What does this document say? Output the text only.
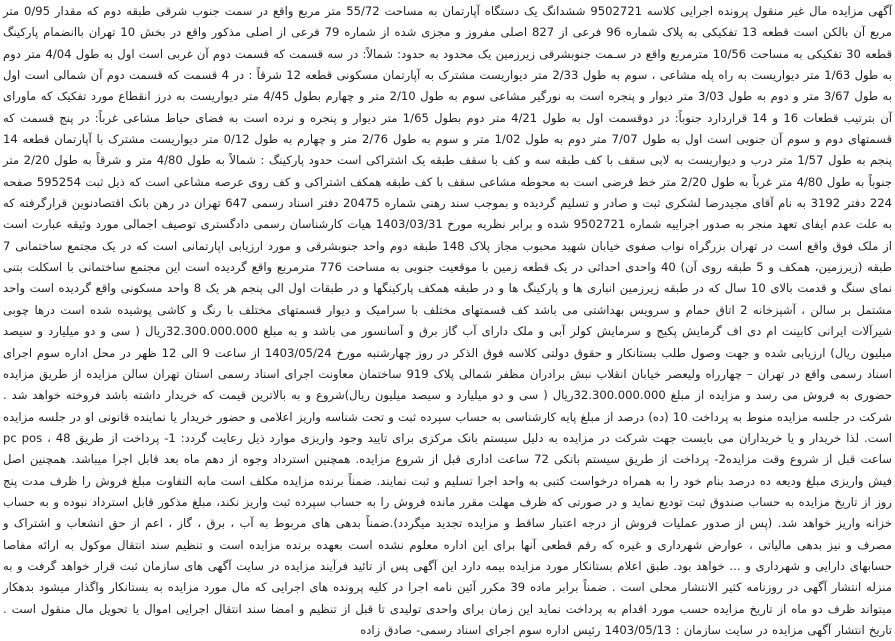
آگهی مزایده مال غیر منقول پرونده اجرایی کلاسه 9502721 ششدانگ یک دستگاه آپارتمان به مساحت 55/72 متر مربع واقع در سمت جنوب شرقی طبقه دوم که مقدار 0/95 متر مربع آن بالکن است قطعه 13 تفکیکی به پلاک شماره 96 فرعی از 827 اصلی مفروز و مجزی شده از شماره 79 فرعی از اصلی مذکور واقع در بخش 10 تهران باانضمام پارکینگ قطعه 30 تفکیکی به مساحت 10/56 مترمربع واقع در سـمت جنوبشرقی زیرزمین یک محدود به حدود: شمالاً: در سه قسمت که قسمت دوم آن غربی است اول به طول 4/04 متر دوم به طول 1/63 متر دیواریست به راه پله مشاعی ، سوم به طول 2/33 متر دیواریست مشترک به آپارتمان مسکونی قطعه 12 شرقاً : در 4 قسمت که قسمت دوم آن شمالی است اول به طول 3/67 متر و دوم به طول 3/03 متر دیوار و پنجره است به نورگیر مشاعی سوم به طول 2/10 متر و چهارم بطول 4/45 متر دیواریست به درز انقطاع مورد تفکیک که ماورای آن بترتیب قطعات 16 و 14 قراردارد جنوباً: در دوقسمت اول به طول 4/21 متر دوم بطول 1/65 متر دیوار و پنجره و نرده است به فضای حیاط مشاعی غرباً: در پنج قسمت که قسمتهای دوم و سوم آن جنوبی است اول به طول 7/07 متر دوم به طول 1/02 متر و سوم به طول 2/76 متر و چهارم به طول 0/12 متر دیواریست مشترک با آپارتمان قطعه 14 پنجم به طول 1/57 متر درب و دیواریست به لابی سقف با کف طبقه سه و کف با سقف طبقه یک اشتراکی است حدود پارکینگ : شمالاً به طول 4/80 متر و شرقاً به طول 2/20 متر جنوباً به طول 4/80 متر غرباً به طول 2/20 متر خط فرضی است به محوطه مشاعی سقف با کف طبقه همکف اشتراکی و کف روی عرصه مشاعی است که ذیل ثبت 595254 صفحه 224 دفتر 3192 به نام آقای مجیدرضا لشکری ثبت و صادر و تسلیم گردیده و بموجب سند رهنی شماره 20475 دفتر اسناد رسمی 647 تهران در رهن بانک اقتصادنوین قرارگرفته که به علت عدم ایفای تعهد منجر به صدور اجراییه شماره 9502721 شده و برابر نظریه مورخ 1403/03/31 هیات کارشناسان رسمی دادگستری توصیف اجمالی مورد وثیقه عبارت است از ملک فوق واقع است در تهران بزرگراه نواب صفوی خیابان شهید محبوب مجاز پلاک 148 طبقه دوم واحد جنوبشرقی و مورد ارزیابی اپارتمانی است که در یک مجتمع ساختمانی 7 طبقه (زیرزمین، همکف و 5 طبقه روی آن) 40 واحدی احداثی در یک قطعه زمین با موقعیت جنوبی به مساحت 776 مترمربع واقع گردیده است این مجتمع ساختمانی با اسکلت بتنی نمای سنگ و قدمت بالای 10 سال که در طبقه زیرزمین انباری ها و پارکینگ ها و در طبقه همکف پارکینگها و در طبقات اول الی پنجم هر یک 8 واحد مسکونی واقع گردیده است واحد مشتمل بر سالن ، آشپزخانه 2 اتاق حمام و سرویس بهداشتی می باشد کف قسمتهای مختلف با سرامیک و دیوار قسمتهای مختلف با رنگ و کاشی پوشیده شده است درها چوبی شیرآلات ایرانی کابینت ام دی اف گرمایش پکیج و سرمایش کولر آبی و ملک دارای آب گاز برق و آسانسور می باشد و به مبلغ 32.300.000.000ریال ( سی و دو میلیارد و سیصد میلیون ریال) ارزیابی شده و جهت وصول طلب بستانکار و حقوق دولتی کلاسه فوق الذکر در روز چهارشنبه مورخ 1403/05/24 از ساعت 9 الی 12 ظهر در محل اداره سوم اجرای اسناد رسمی واقع در تهران – چهارراه ولیعصر خیابان انقلاب نبش برادران مظفر شمالی پلاک 919 ساختمان معاونت اجرای اسناد رسمی استان تهران سالن مزایده از طریق مزایده حضوری به فروش می رسد و مزایده از مبلغ 32.300.000.000ریال ( سی و دو میلیارد و سیصد میلیون ریال)شروع و به بالاترین قیمت که خریدار داشته باشد فروخته خواهد شد . شرکت در جلسه مزایده منوط به پرداخت 10 (ده) درصد از مبلغ پایه کارشناسی به حساب سپرده ثبت و تحت شناسه واریز اعلامی و حضور خریدار یا نماینده قانونی او در جلسه مزایده است. لذا خریدار و یا خریداران می بایست جهت شرکت در مزایده به دلیل سیستم بانک مرکزی برای تایید وجود واریزی موارد ذیل رعایت گردد: 1- پرداخت از طریق pc pos ، 48 ساعت قبل از شروع وقت مزایده2- پرداخت از طریق سیستم بانکی 72 ساعت اداری قبل از شروع مزایده. همچنین استرداد وجوه از دهم ماه بعد قابل اجرا میباشد. همچنین اصل فیش واریزی مبلغ ودیعه ده درصد بنام خود را به همراه درخواست کتبی به واحد اجرا تسلیم و ثبت نمایند. ضمناً برنده مزایده مکلف است مابه التفاوت مبلغ فروش را ظرف مدت پنج روز از تاریخ مزایده به حساب صندوق ثبت تودیع نماید و در صورتی که ظرف مهلت مقرر مانده فروش را به حساب سپرده ثبت واریز نکند، مبلغ مذکور قابل استرداد نبوده و به حساب خزانه واریز خواهد شد. (پس از صدور عملیات فروش از درجه اعتبار ساقط و مزایده تجدید میگردد).ضمناً بدهی های مربوط به آب ، برق ، گاز ، اعم از حق انشعاب و اشتراک و مصرف و نیز بدهی مالیاتی ، عوارض شهرداری و غیره که رقم قطعی آنها برای این اداره معلوم نشده است بعهده برنده مزایده است و تنظیم سند انتقال موکول به ارائه مفاصا حسابهای دارایی و شهرداری و ... خواهد بود. طبق اعلام بستانکار مورد مزایده بیمه دارد این آگهی پس از تائید فرآیند مزایده در سایت آگهی های سازمان ثبت قرار خواهد گرفت و به منزله انتشار آگهی در روزنامه کثیر الانتشار محلی است . ضمناً برابر ماده 39 مکرر آئین نامه اجرا در کلیه پرونده های اجرایی که مال مورد مزایده به بستانکار واگذار میشود بدهکار میتواند ظرف دو ماه از تاریخ مزایده حسب مورد اقدام به پرداخت نماید این زمان برای واحدی تولیدی تا قبل از تنظیم و امضا سند انتقال اجرایی اموال یا تحویل مال منقول است . تاریخ انتشار آگهی مزایده در سایت سازمان : 1403/05/13 رئیس اداره سوم اجرای اسناد رسمی- صادق زاده
